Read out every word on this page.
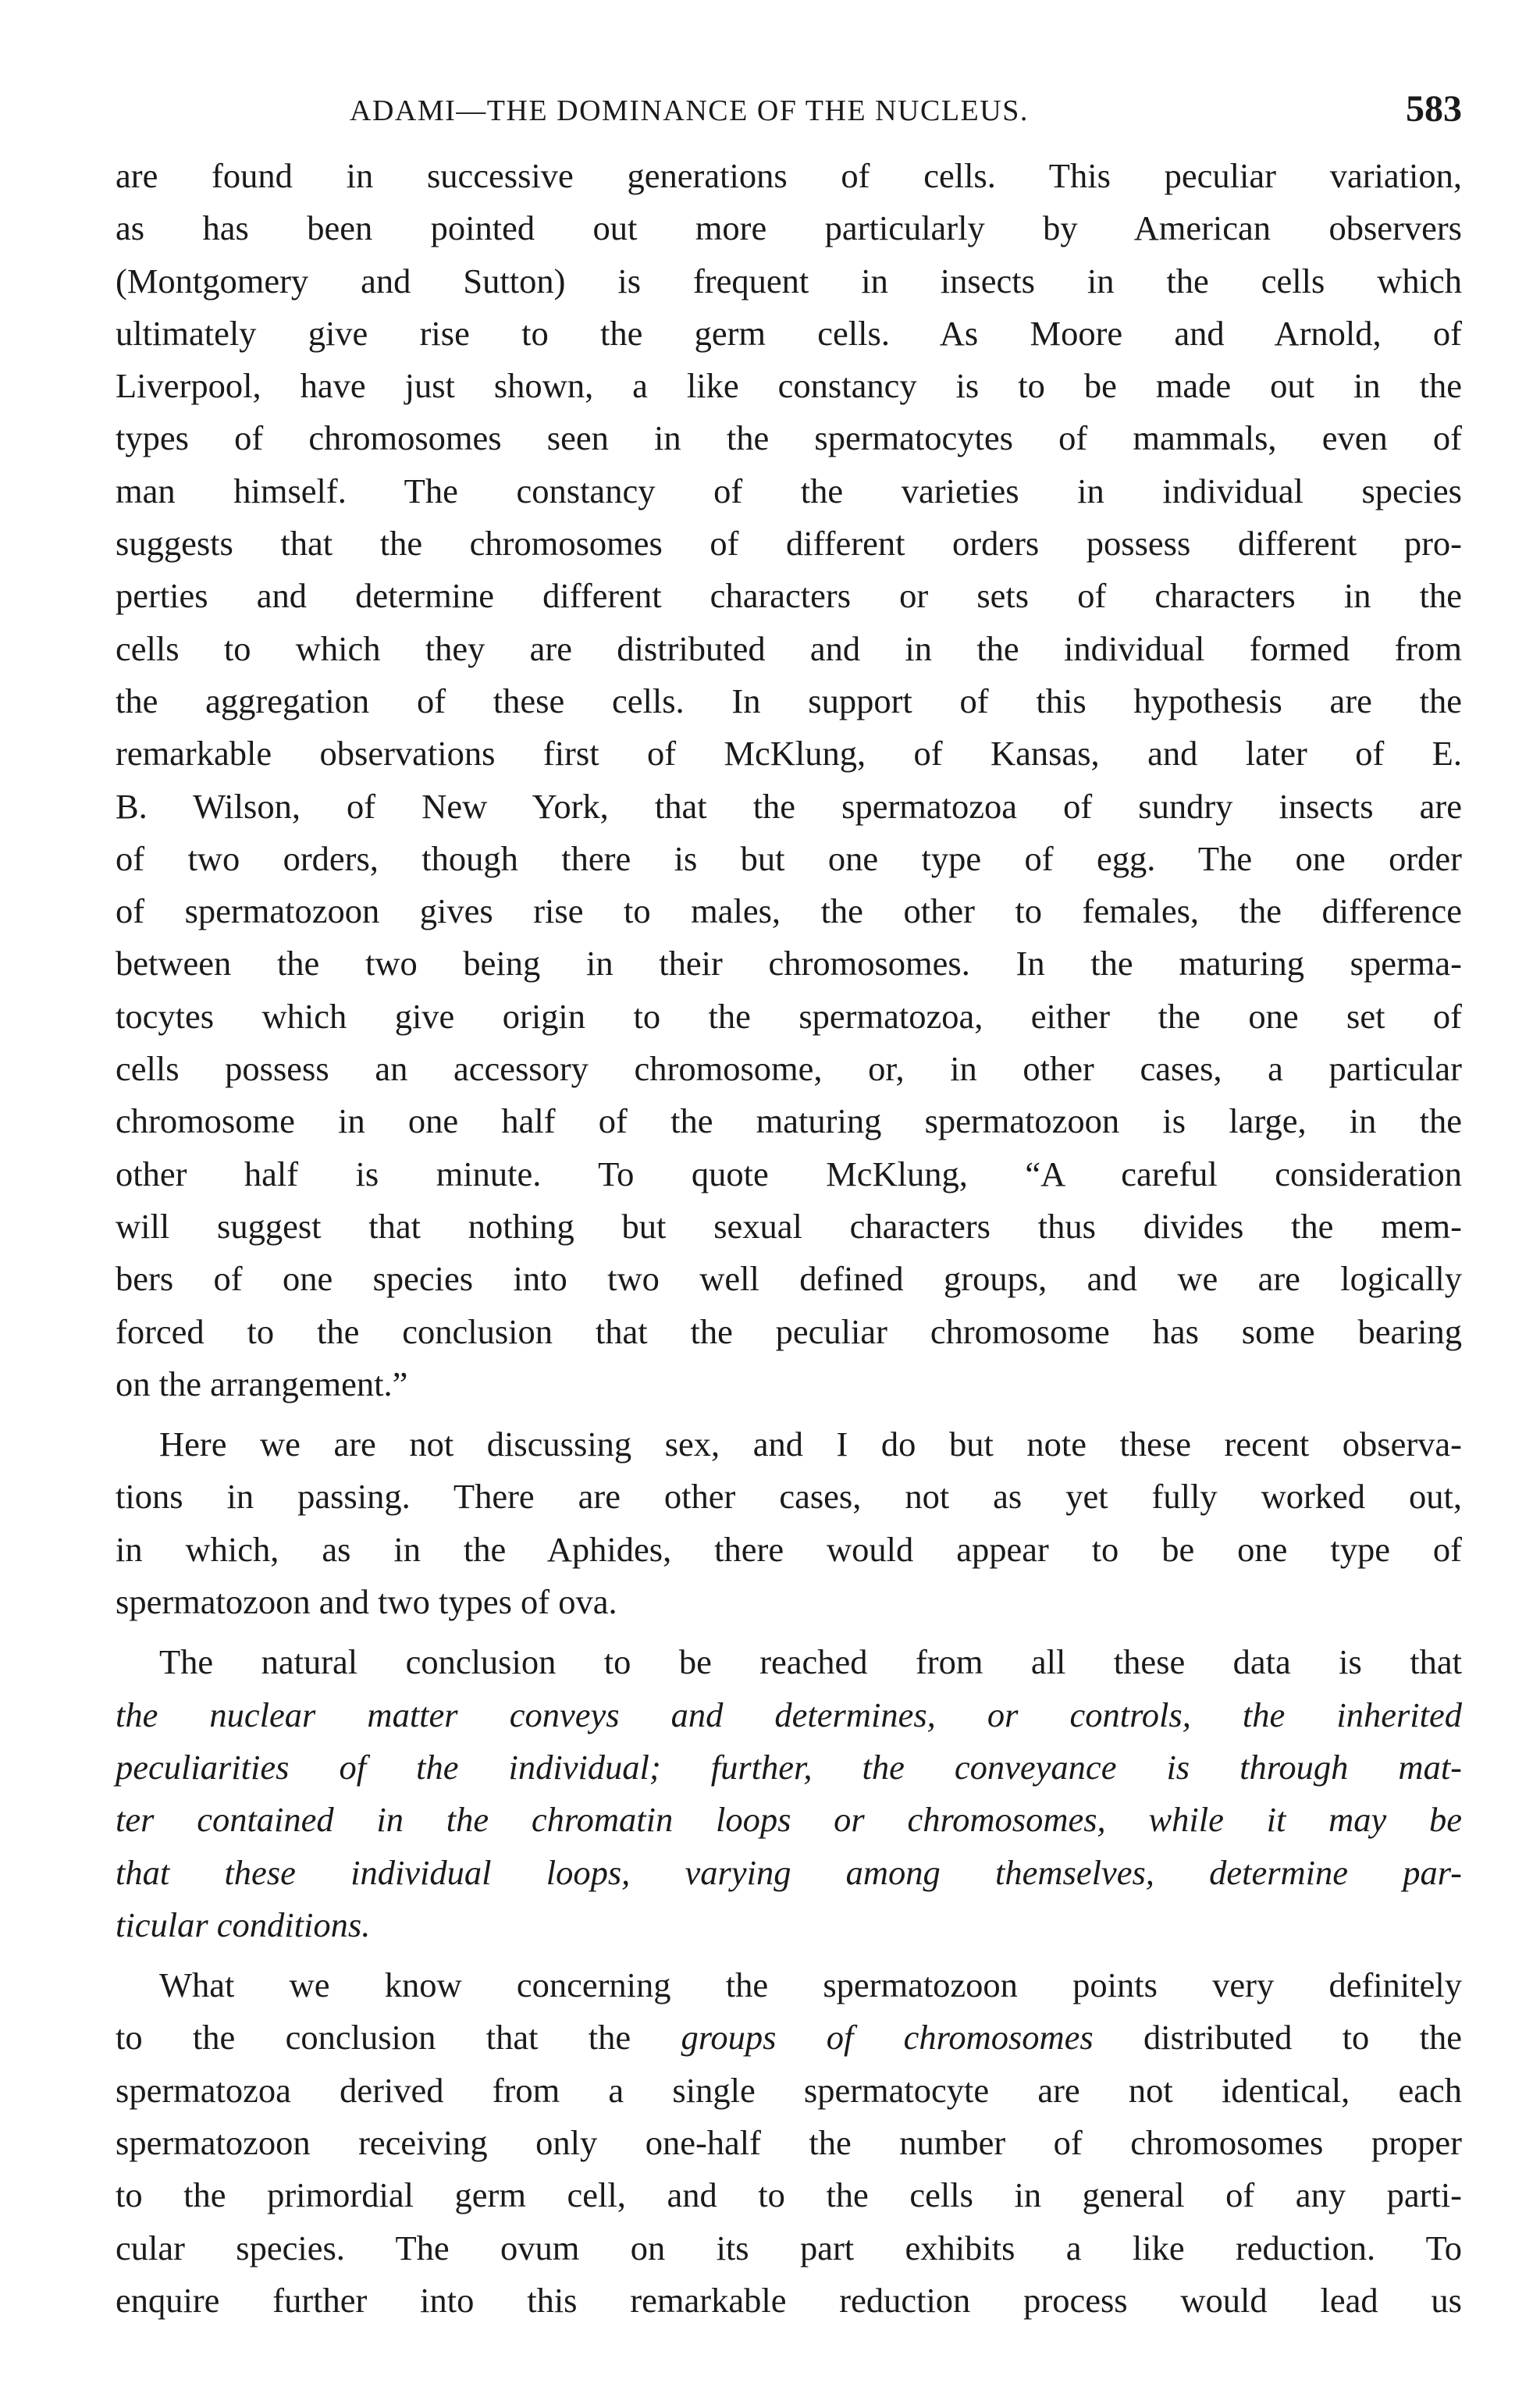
ADAMI—THE DOMINANCE OF THE NUCLEUS.	583
are found in successive generations of cells. This peculiar variation,
as has been pointed out more particularly by American observers
(Montgomery and Sutton) is frequent in insects in the cells which
ultimately give rise to the germ cells. As Moore and Arnold, of
Liverpool, have just shown, a like constancy is to be made out in the
types of chromosomes seen in the spermatocytes of mammals, even of
man himself. The constancy of the varieties in individual species
suggests that the chromosomes of different orders possess different pro-
perties and determine different characters or sets of characters in the
cells to which they are distributed and in the individual formed from
the aggregation of these cells. In support of this hypothesis are the
remarkable observations first of McKlung, of Kansas, and later of E.
B. Wilson, of New York, that the spermatozoa of sundry insects are
of two orders, though there is but one type of egg. The one order
of spermatozoon gives rise to males, the other to females, the difference
between the two being in their chromosomes. In the maturing sperma-
tocytes which give origin to the spermatozoa, either the one set of
cells possess an accessory chromosome, or, in other cases, a particular
chromosome in one half of the maturing spermatozoon is large, in the
other half is minute. To quote McKlung, “A careful consideration
will suggest that nothing but sexual characters thus divides the mem-
bers of one species into two well defined groups, and we are logically
forced to the conclusion that the peculiar chromosome has some bearing
on the arrangement.”
Here we are not discussing sex, and I do but note these recent observa-
tions in passing. There are other cases, not as yet fully worked out,
in which, as in the Aphides, there would appear to be one type of
spermatozoon and two types of ova.
The natural conclusion to be reached from all these data is that
the nuclear matter conveys and determines, or controls, the inherited
peculiarities of the individual; further, the conveyance is through mat-
ter contained in the chromatin loops or chromosomes, while it may be
that these individual loops, varying among themselves, determine par-
ticular conditions.
What we know concerning the spermatozoon points very definitely
to the conclusion that the groups of chromosomes distributed to the
spermatozoa derived from a single spermatocyte are not identical, each
spermatozoon receiving only one-half the number of chromosomes proper
to the primordial germ cell, and to the cells in general of any parti-
cular species. The ovum on its part exhibits a like reduction. To
enquire further into this remarkable reduction process would lead us
